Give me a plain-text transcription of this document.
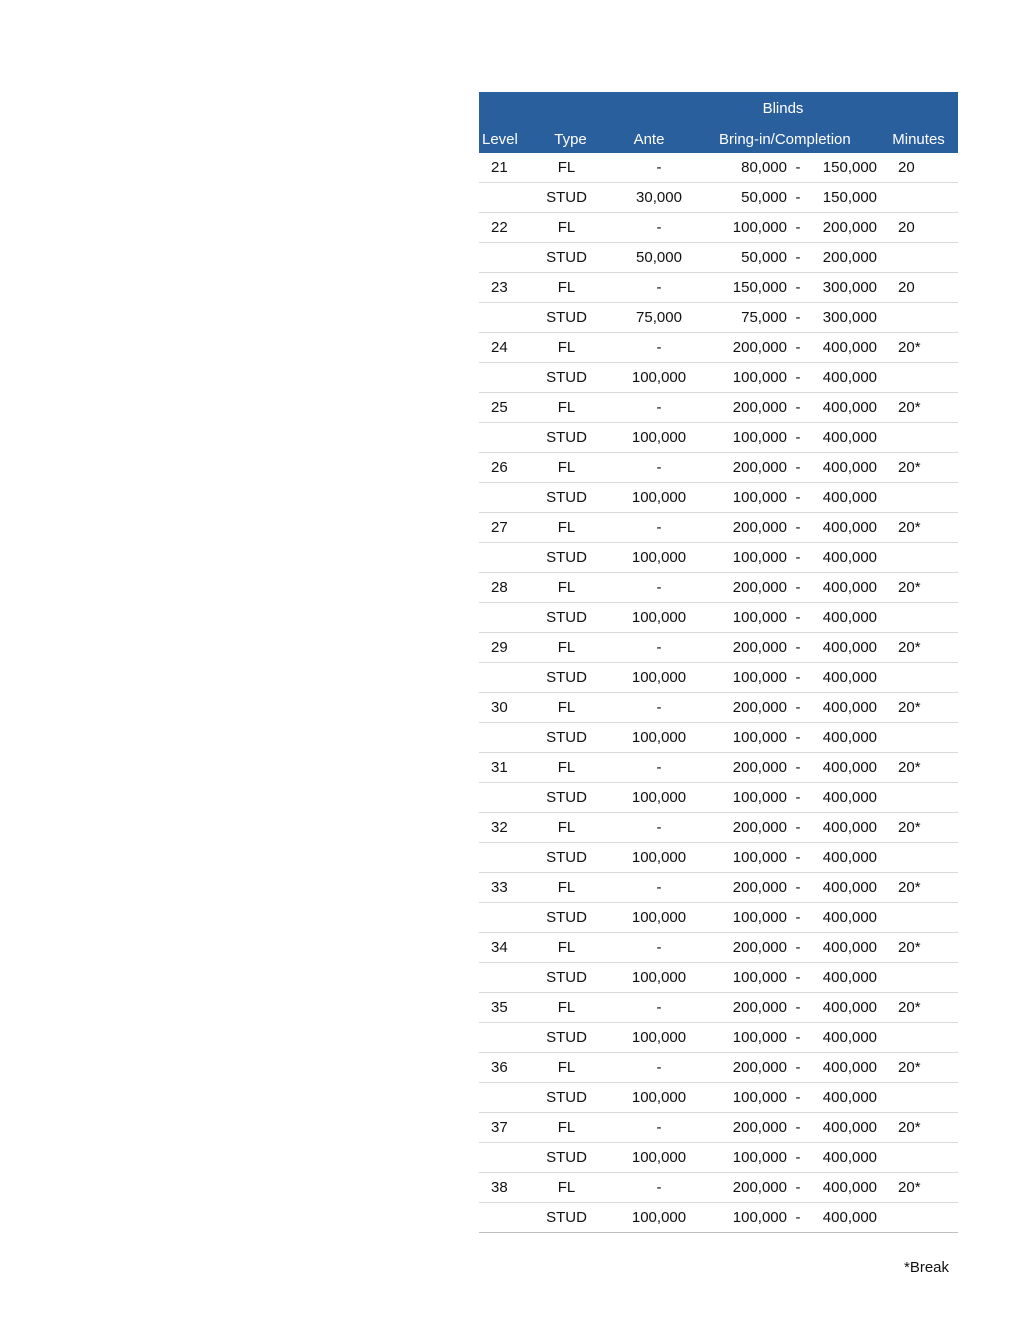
			Blinds			
Level	Type	Ante	Bring-in/Completion			Minutes
21	FL	-	80,000	-	150,000	20
	STUD	30,000	50,000	-	150,000	
22	FL	-	100,000	-	200,000	20
	STUD	50,000	50,000	-	200,000	
23	FL	-	150,000	-	300,000	20
	STUD	75,000	75,000	-	300,000	
24	FL	-	200,000	-	400,000	20*
	STUD	100,000	100,000	-	400,000	
25	FL	-	200,000	-	400,000	20*
	STUD	100,000	100,000	-	400,000	
26	FL	-	200,000	-	400,000	20*
	STUD	100,000	100,000	-	400,000	
27	FL	-	200,000	-	400,000	20*
	STUD	100,000	100,000	-	400,000	
28	FL	-	200,000	-	400,000	20*
	STUD	100,000	100,000	-	400,000	
29	FL	-	200,000	-	400,000	20*
	STUD	100,000	100,000	-	400,000	
30	FL	-	200,000	-	400,000	20*
	STUD	100,000	100,000	-	400,000	
31	FL	-	200,000	-	400,000	20*
	STUD	100,000	100,000	-	400,000	
32	FL	-	200,000	-	400,000	20*
	STUD	100,000	100,000	-	400,000	
33	FL	-	200,000	-	400,000	20*
	STUD	100,000	100,000	-	400,000	
34	FL	-	200,000	-	400,000	20*
	STUD	100,000	100,000	-	400,000	
35	FL	-	200,000	-	400,000	20*
	STUD	100,000	100,000	-	400,000	
36	FL	-	200,000	-	400,000	20*
	STUD	100,000	100,000	-	400,000	
37	FL	-	200,000	-	400,000	20*
	STUD	100,000	100,000	-	400,000	
38	FL	-	200,000	-	400,000	20*
	STUD	100,000	100,000	-	400,000	
*Break
